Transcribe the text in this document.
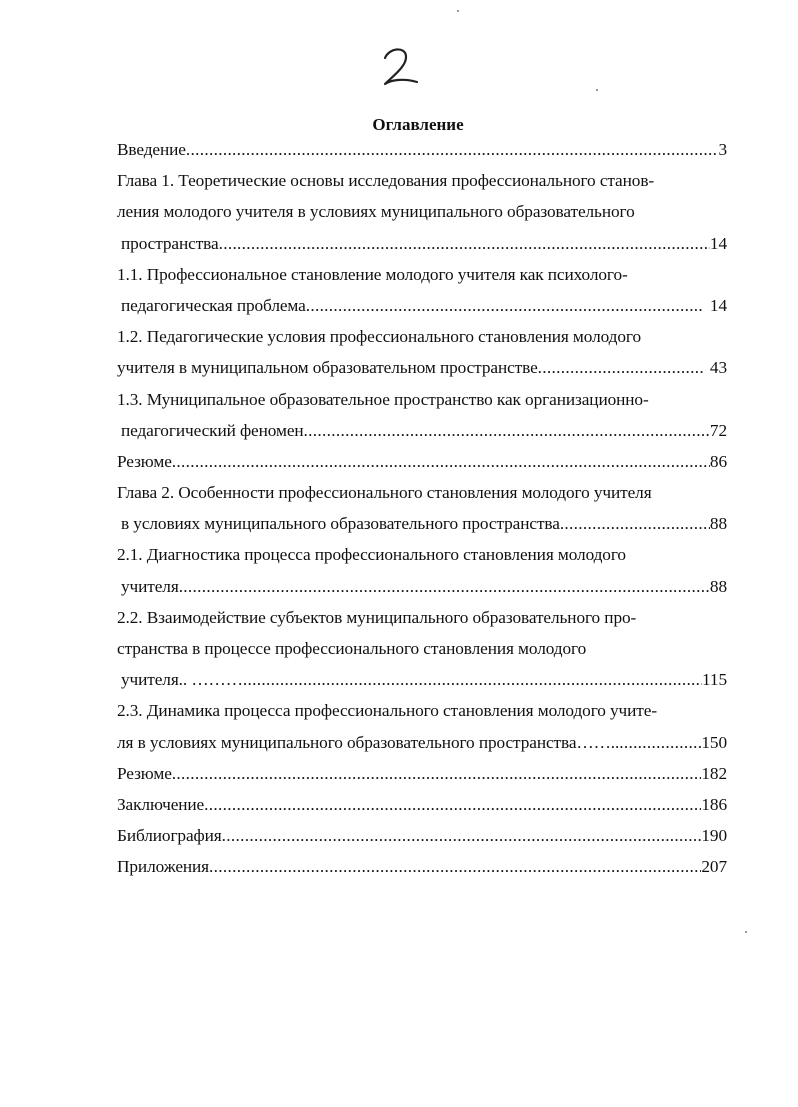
Оглавление
Введение .....	3
Глава 1. Теоретические основы исследования профессионального станов-
ления молодого учителя в условиях муниципального образовательного
пространства .....	14
1.1. Профессиональное становление молодого учителя как психолого-
педагогическая проблема .....	14
1.2. Педагогические условия профессионального становления молодого
учителя в муниципальном образовательном пространстве .....	43
1.3. Муниципальное образовательное пространство как организационно-
педагогический феномен .....	72
Резюме .....	86
Глава 2. Особенности профессионального становления молодого учителя
в условиях муниципального образовательного пространства .....	88
2.1. Диагностика процесса профессионального становления молодого
учителя .....	88
2.2. Взаимодействие субъектов муниципального образовательного про-
странства в процессе профессионального становления молодого
учителя.. ……… .....	115
2.3. Динамика процесса профессионального становления молодого учите-
ля в условиях муниципального образовательного пространства…….. .....	150
Резюме .....	182
Заключение .....	186
Библиография .....	190
Приложения .....	207
